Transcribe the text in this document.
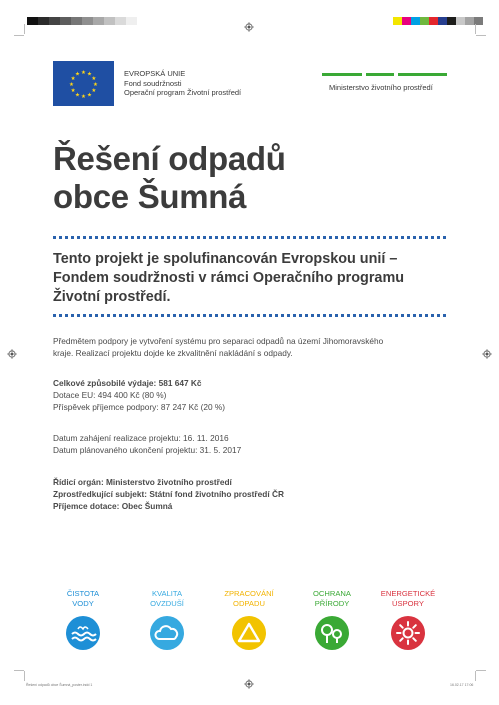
★ ★
★
★
★
★
★
★
★
★
★
★	EVROPSKÁ UNIE
Fond soudržnosti
Operační program Životní prostředí
Ministerstvo životního prostředí
Řešení odpadů
obce Šumná
Tento projekt je spolufinancován Evropskou unií –
Fondem soudržnosti v rámci Operačního programu
Životní prostředí.
Předmětem podpory je vytvoření systému pro separaci odpadů na území Jihomoravského
kraje. Realizací projektu dojde ke zkvalitnění nakládání s odpady.
Celkové způsobilé výdaje: 581 647 Kč
Dotace EU: 494 400 Kč (80 %)
Příspěvek příjemce podpory: 87 247 Kč (20 %)
Datum zahájení realizace projektu: 16. 11. 2016
Datum plánovaného ukončení projektu: 31. 5. 2017
Řídicí orgán: Ministerstvo životního prostředí
Zprostředkující subjekt: Státní fond životního prostředí ČR
Příjemce dotace: Obec Šumná
ČISTOTA
VODY
KVALITA
OVZDUŠÍ
ZPRACOVÁNÍ
ODPADU
OCHRANA
PŘÍRODY
ENERGETICKÉ
ÚSPORY
Řešení odpadů obce Šumná_poster.indd 1	16.02.17 17:06
